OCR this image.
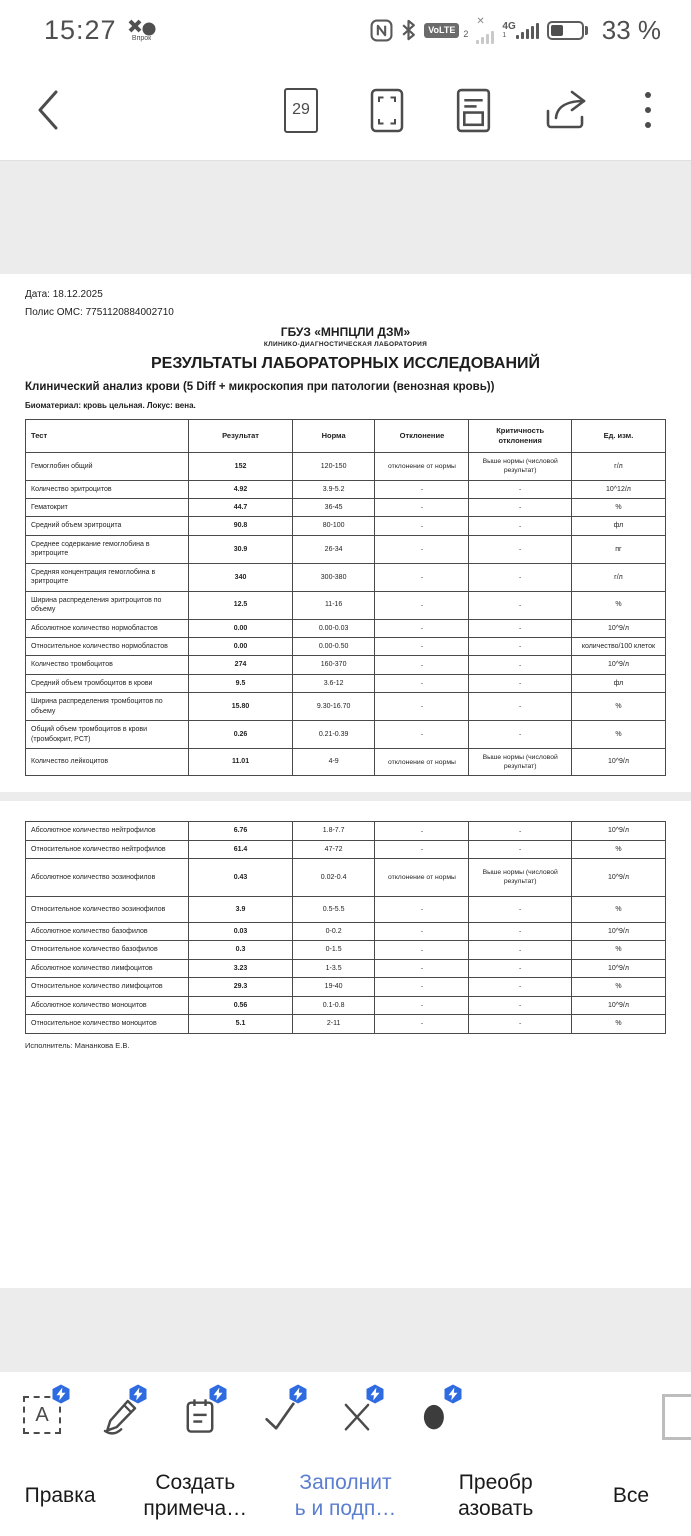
15:27 Впрок
VoLTE 2
✕ 4G
1	33 %
29
Дата: 18.12.2025
Полис ОМС: 7751120884002710
ГБУЗ «МНПЦЛИ ДЗМ»
КЛИНИКО-ДИАГНОСТИЧЕСКАЯ ЛАБОРАТОРИЯ
РЕЗУЛЬТАТЫ ЛАБОРАТОРНЫХ ИССЛЕДОВАНИЙ
Клинический анализ крови (5 Diff + микроскопия при патологии (венозная кровь))
Биоматериал: кровь цельная. Локус: вена.
Тест	Результат	Норма	Отклонение	Критичность отклонения	Ед. изм.
Гемоглобин общий	152	120-150	отклонение от нормы	Выше нормы (числовой результат)	г/л
Количество эритроцитов	4.92	3.9-5.2	-	-	10^12/л
Гематокрит	44.7	36-45	-	-	%
Средний объем эритроцита	90.8	80-100	-	-	фл
Среднее содержание гемоглобина в эритроците	30.9	26-34	-	-	пг
Средняя концентрация гемоглобина в эритроците	340	300-380	-	-	г/л
Ширина распределения эритроцитов по объему	12.5	11-16	-	-	%
Абсолютное количество нормобластов	0.00	0.00-0.03	-	-	10^9/л
Относительное количество нормобластов	0.00	0.00-0.50	-	-	количество/100 клеток
Количество тромбоцитов	274	160-370	-	-	10^9/л
Средний объем тромбоцитов в крови	9.5	3.6-12	-	-	фл
Ширина распределения тромбоцитов по объему	15.80	9.30-16.70	-	-	%
Общий объем тромбоцитов в крови (тромбокрит, PCT)	0.26	0.21-0.39	-	-	%
Количество лейкоцитов	11.01	4-9	отклонение от нормы	Выше нормы (числовой результат)	10^9/л
Абсолютное количество нейтрофилов	6.76	1.8-7.7	-	-	10^9/л
Относительное количество нейтрофилов	61.4	47-72	-	-	%
Абсолютное количество эозинофилов	0.43	0.02-0.4	отклонение от нормы	Выше нормы (числовой результат)	10^9/л
Относительное количество эозинофилов	3.9	0.5-5.5	-	-	%
Абсолютное количество базофилов	0.03	0-0.2	-	-	10^9/л
Относительное количество базофилов	0.3	0-1.5	-	-	%
Абсолютное количество лимфоцитов	3.23	1-3.5	-	-	10^9/л
Относительное количество лимфоцитов	29.3	19-40	-	-	%
Абсолютное количество моноцитов	0.56	0.1-0.8	-	-	10^9/л
Относительное количество моноцитов	5.1	2-11	-	-	%
Исполнитель: Мананкова Е.В.
A
Правка
Создать
примеча…
Заполнит
ь и подп…
Преобр
азовать
Все
